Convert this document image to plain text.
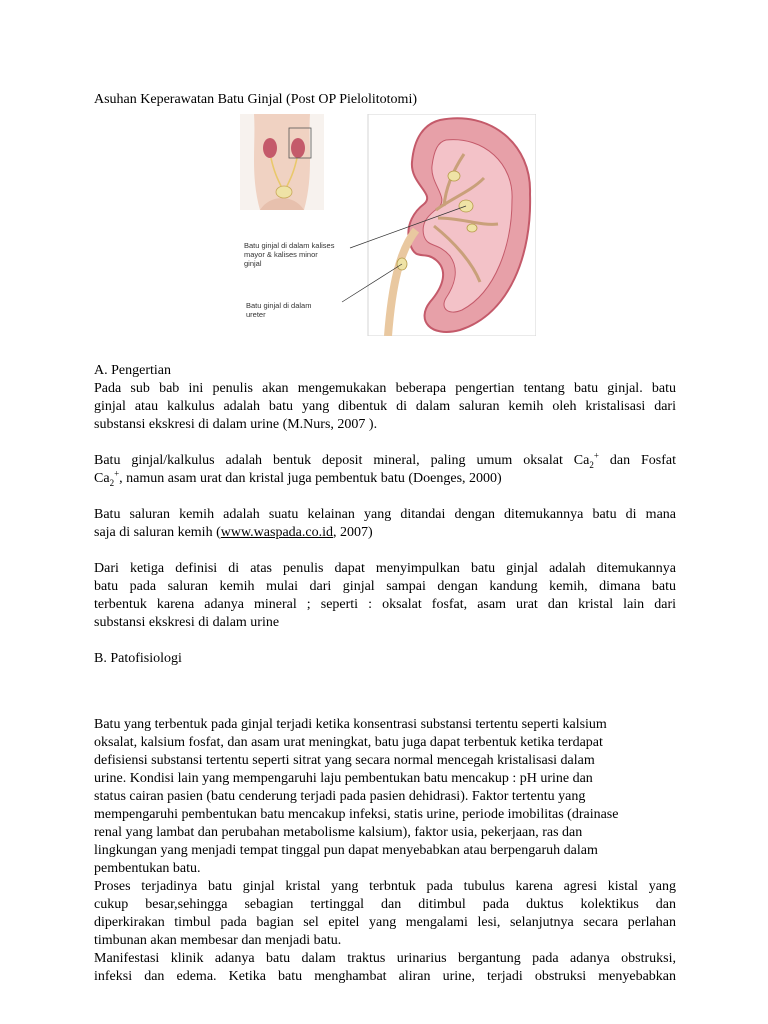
Asuhan Keperawatan Batu Ginjal (Post OP Pielolitotomi)
Batu ginjal di dalam kalises
mayor & kalises minor
ginjal
Batu ginjal di dalam
ureter
A. Pengertian
Pada sub bab ini penulis akan mengemukakan beberapa pengertian tentang batu ginjal. batu
ginjal atau kalkulus adalah batu yang dibentuk di dalam saluran kemih oleh kristalisasi dari
substansi ekskresi di dalam urine (M.Nurs, 2007 ).
Batu ginjal/kalkulus adalah bentuk deposit mineral, paling umum oksalat $Ca_2^+$ dan Fosfat
$Ca_2^+$, namun asam urat dan kristal juga pembentuk batu (Doenges, 2000)
Batu saluran kemih adalah suatu kelainan yang ditandai dengan ditemukannya batu di mana
saja di saluran kemih (www.waspada.co.id, 2007)
Dari ketiga definisi di atas penulis dapat menyimpulkan batu ginjal adalah ditemukannya
batu pada saluran kemih mulai dari ginjal sampai dengan kandung kemih, dimana batu
terbentuk karena adanya mineral ; seperti : oksalat fosfat, asam urat dan kristal lain dari
substansi ekskresi di dalam urine
B. Patofisiologi
Batu yang terbentuk pada ginjal terjadi ketika konsentrasi substansi tertentu seperti kalsium
oksalat, kalsium fosfat, dan asam urat meningkat, batu juga dapat terbentuk ketika terdapat
defisiensi substansi tertentu seperti sitrat yang secara normal mencegah kristalisasi dalam
urine. Kondisi lain yang mempengaruhi laju pembentukan batu mencakup : pH urine dan
status cairan pasien (batu cenderung terjadi pada pasien dehidrasi). Faktor tertentu yang
mempengaruhi pembentukan batu mencakup infeksi, statis urine, periode imobilitas (drainase
renal yang lambat dan perubahan metabolisme kalsium), faktor usia, pekerjaan, ras dan
lingkungan yang menjadi tempat tinggal pun dapat menyebabkan atau berpengaruh dalam
pembentukan batu.
Proses terjadinya batu ginjal kristal yang terbntuk pada tubulus karena agresi kistal yang
cukup besar,sehingga sebagian tertinggal dan ditimbul pada duktus kolektikus dan
diperkirakan timbul pada bagian sel epitel yang mengalami lesi, selanjutnya secara perlahan
timbunan akan membesar dan menjadi batu.
Manifestasi klinik adanya batu dalam traktus urinarius bergantung pada adanya obstruksi,
infeksi dan edema. Ketika batu menghambat aliran urine, terjadi obstruksi menyebabkan
